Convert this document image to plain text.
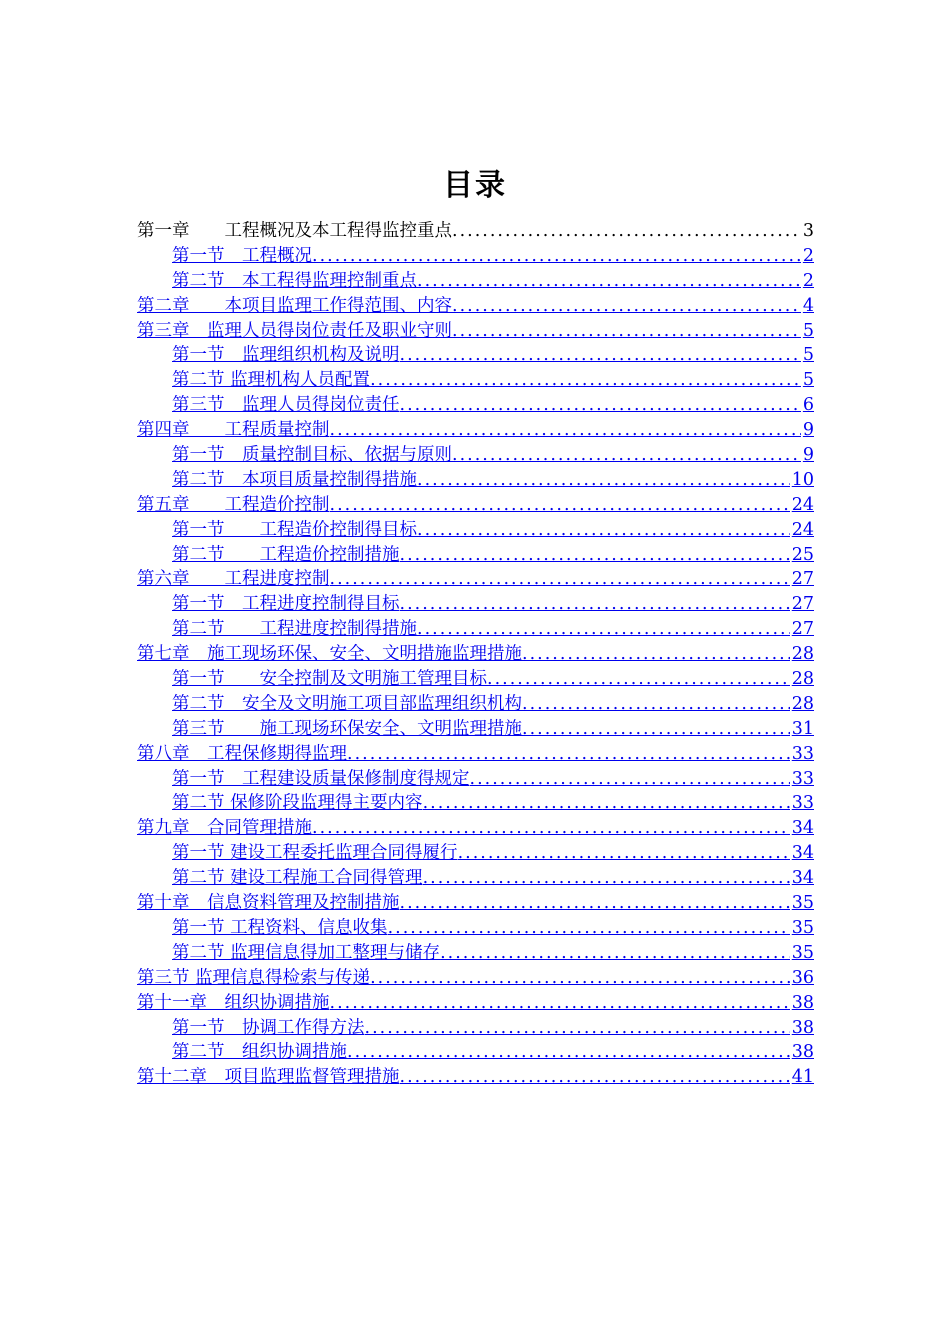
目录
第一章　　工程概况及本工程得监控重点 .....	3
第一节　工程概况 .....	2
第二节　本工程得监理控制重点 .....	2
第二章　　本项目监理工作得范围、内容 .....	4
第三章　监理人员得岗位责任及职业守则 .....	5
第一节　监理组织机构及说明 .....	5
第二节 监理机构人员配置 .....	5
第三节　监理人员得岗位责任 .....	6
第四章　　工程质量控制 .....	9
第一节　质量控制目标、依据与原则 .....	9
第二节　本项目质量控制得措施 .....	10
第五章　　工程造价控制 .....	24
第一节　　工程造价控制得目标 .....	24
第二节　　工程造价控制措施 .....	25
第六章　　工程进度控制 .....	27
第一节　工程进度控制得目标 .....	27
第二节　　工程进度控制得措施 .....	27
第七章　施工现场环保、安全、文明措施监理措施 .....	28
第一节　　安全控制及文明施工管理目标 .....	28
第二节　安全及文明施工项目部监理组织机构 .....	28
第三节　　施工现场环保安全、文明监理措施 .....	31
第八章　工程保修期得监理 .....	33
第一节　工程建设质量保修制度得规定 .....	33
第二节 保修阶段监理得主要内容 .....	33
第九章　合同管理措施 .....	34
第一节 建设工程委托监理合同得履行 .....	34
第二节 建设工程施工合同得管理 .....	34
第十章　信息资料管理及控制措施 .....	35
第一节 工程资料、信息收集 .....	35
第二节 监理信息得加工整理与储存 .....	35
第三节 监理信息得检索与传递 .....	36
第十一章　组织协调措施 .....	38
第一节　协调工作得方法 .....	38
第二节　组织协调措施 .....	38
第十二章　项目监理监督管理措施 .....	41
